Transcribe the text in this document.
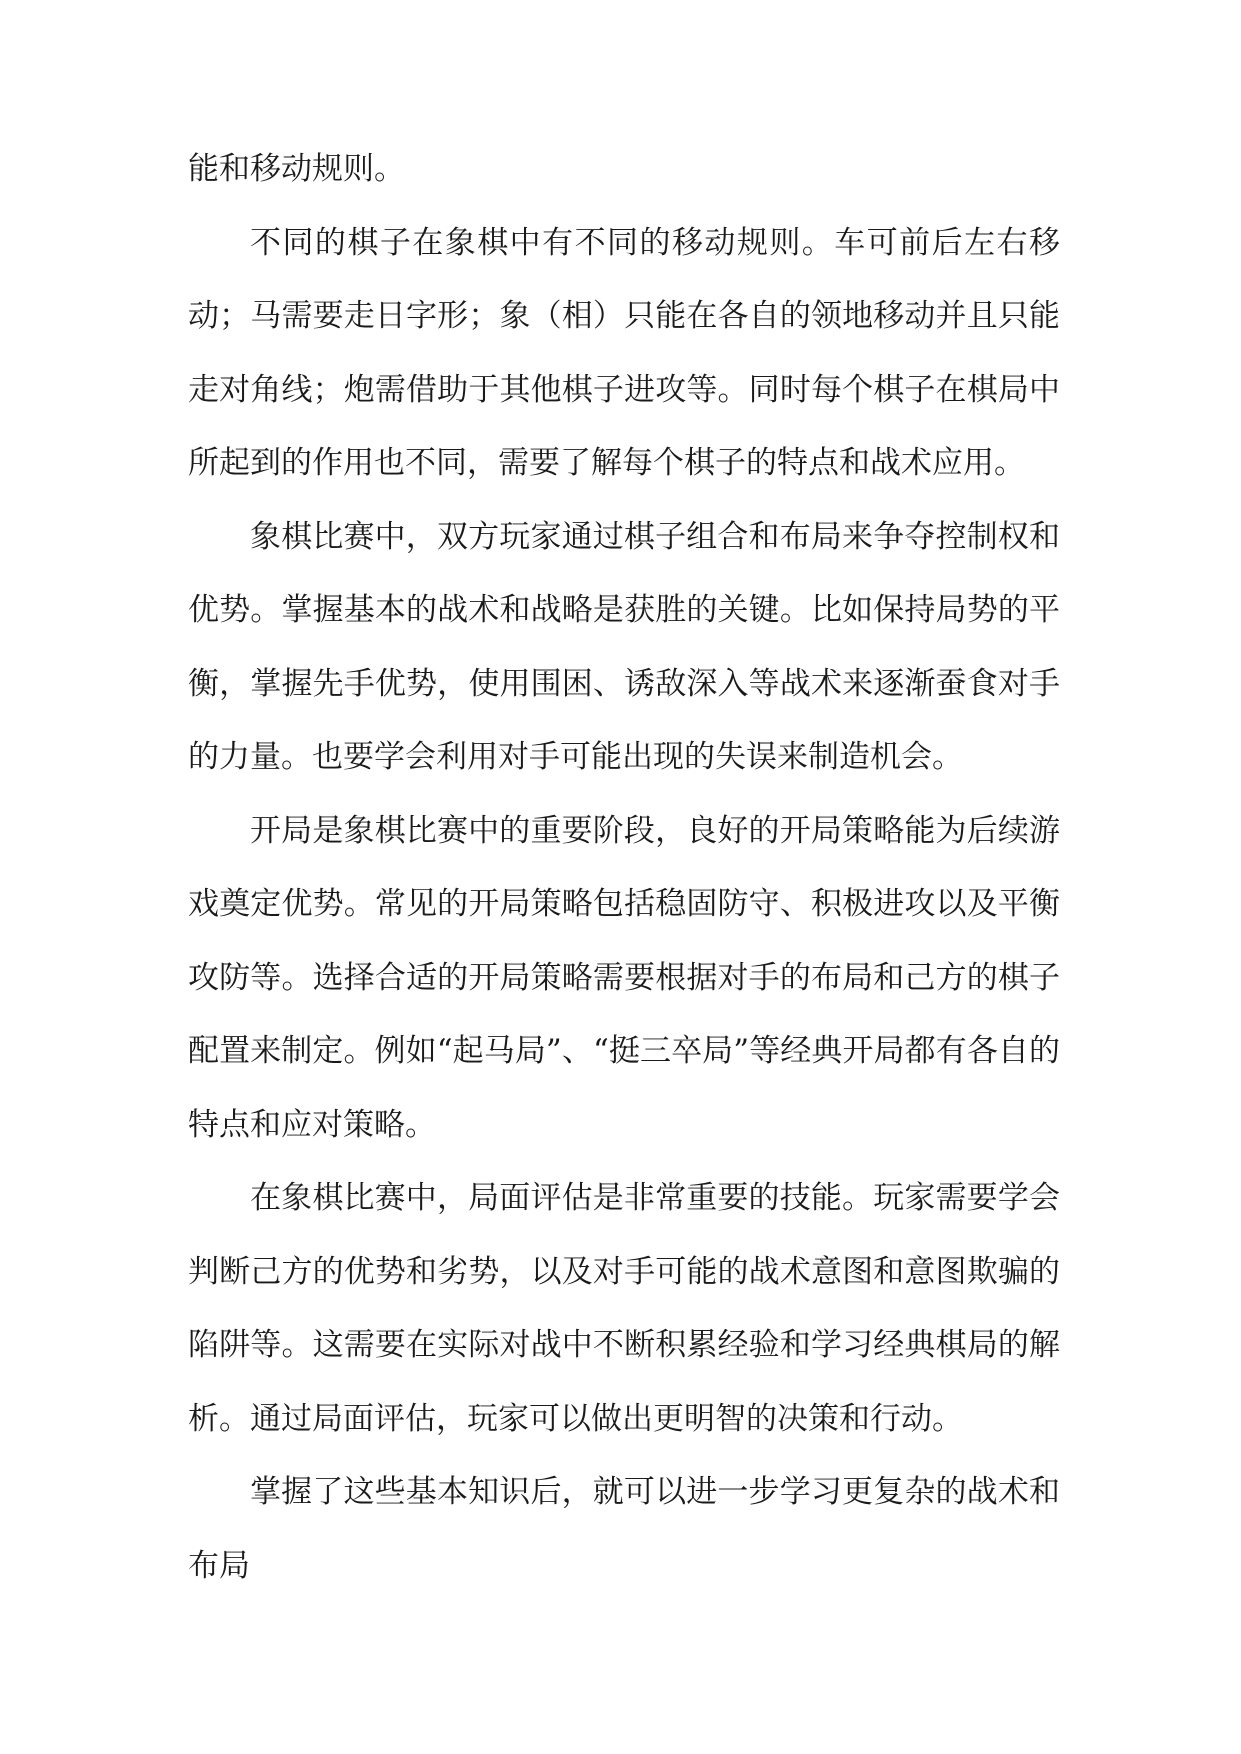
能和移动规则。

不同的棋子在象棋中有不同的移动规则。车可前后左右移动；马需要走日字形；象（相）只能在各自的领地移动并且只能走对角线；炮需借助于其他棋子进攻等。同时每个棋子在棋局中所起到的作用也不同，需要了解每个棋子的特点和战术应用。

象棋比赛中，双方玩家通过棋子组合和布局来争夺控制权和优势。掌握基本的战术和战略是获胜的关键。比如保持局势的平衡，掌握先手优势，使用围困、诱敌深入等战术来逐渐蚕食对手的力量。也要学会利用对手可能出现的失误来制造机会。

开局是象棋比赛中的重要阶段，良好的开局策略能为后续游戏奠定优势。常见的开局策略包括稳固防守、积极进攻以及平衡攻防等。选择合适的开局策略需要根据对手的布局和己方的棋子配置来制定。例如“起马局”、“挺三卒局”等经典开局都有各自的特点和应对策略。

在象棋比赛中，局面评估是非常重要的技能。玩家需要学会判断己方的优势和劣势，以及对手可能的战术意图和意图欺骗的陷阱等。这需要在实际对战中不断积累经验和学习经典棋局的解析。通过局面评估，玩家可以做出更明智的决策和行动。

掌握了这些基本知识后，就可以进一步学习更复杂的战术和布局
